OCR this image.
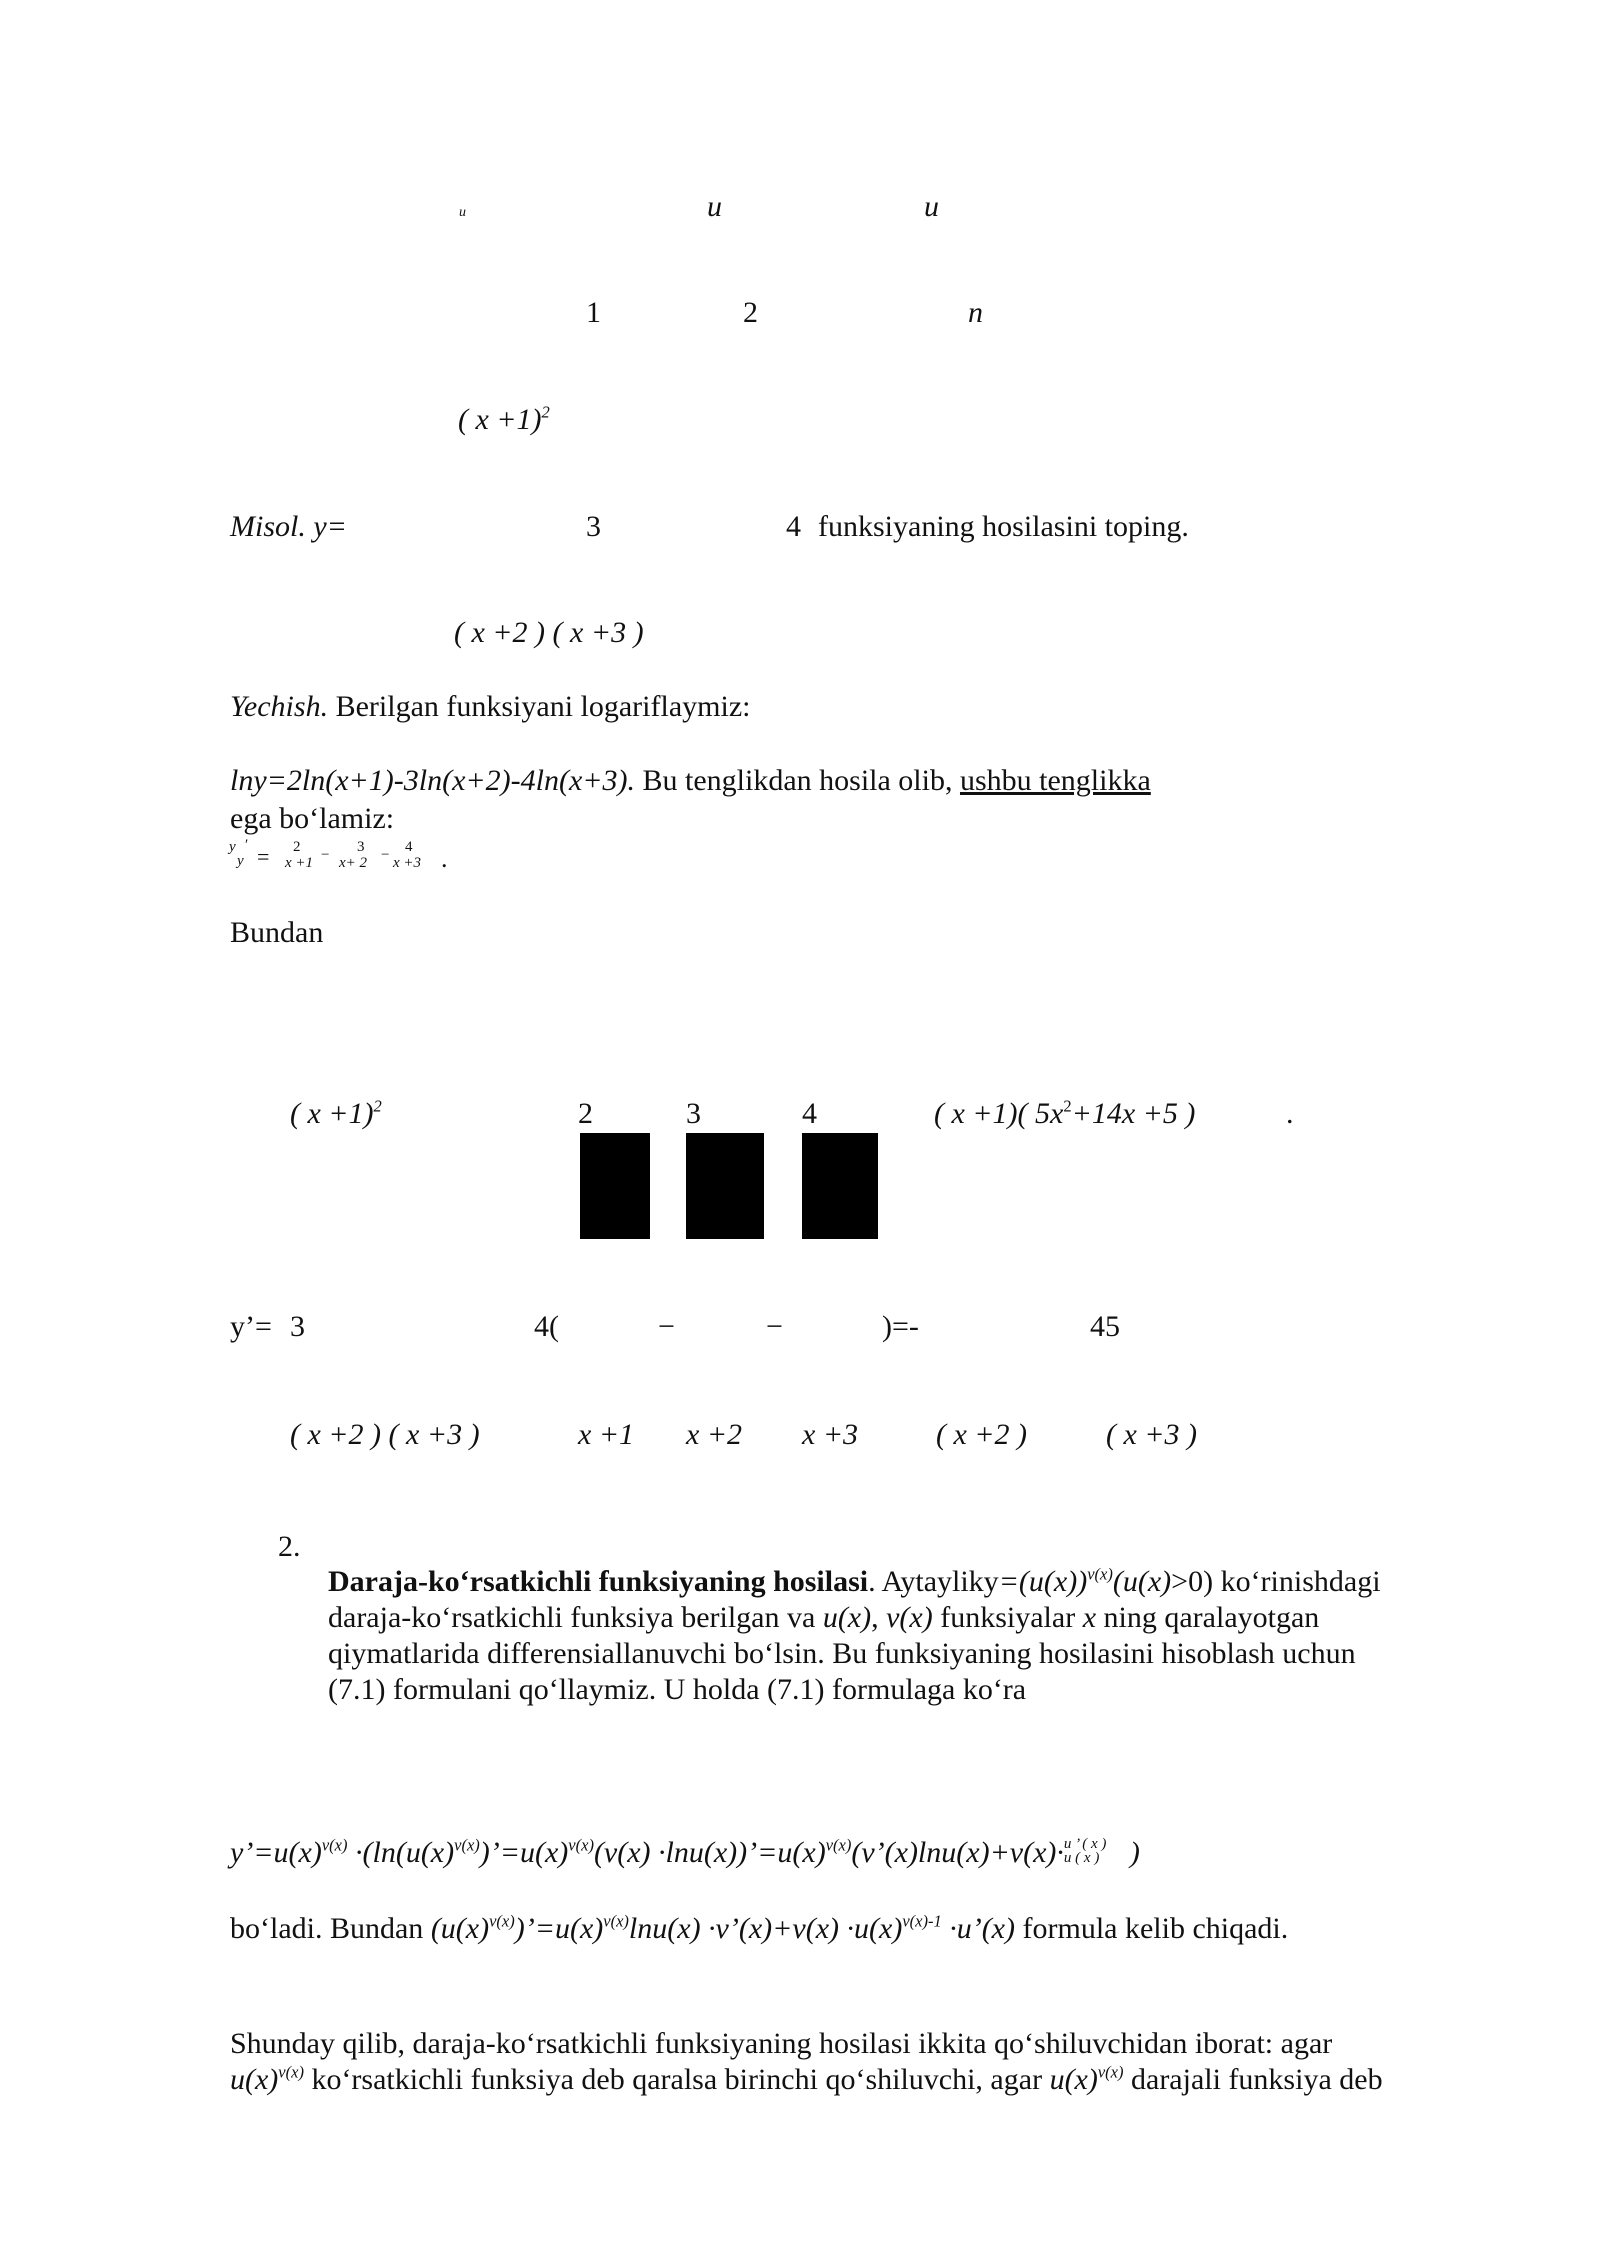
u	u	u
1	2	n
( x +1)$^2$
Misol. y=	3	4 funksiyaning hosilasini toping.
( x +2 ) ( x +3 )
Yechish. Berilgan funksiyani logariflaymiz:
lny=2ln(x+1)-3ln(x+2)-4ln(x+3). Bu tenglikdan hosila olib, ushbu tenglikka
ega bo‘lamiz:
y ′
y = 2
x +1 − 3
x+ 2 − 4
x +3 .
Bundan
( x +1)$^2$	2	3	4	( x +1)( $5x^2+14x +5$ )	.
y’= 3	4(	−	−	)=-	45
( x +2 ) ( x +3 )	x +1 x +2 x +3	( x +2 )	( x +3 )
2.
Daraja-ko‘rsatkichli funksiyaning hosilasi. $Aytayliky=(u(x))^{v(x)}(u(x)>0)$ ko‘rinishdagi
daraja-ko‘rsatkichli funksiya berilgan va u(x), v(x) funksiyalar x ning qaralayotgan
qiymatlarida differensiallanuvchi bo‘lsin. Bu funksiyaning hosilasini hisoblash uchun
(7.1) formulani qo‘llaymiz. U holda (7.1) formulaga ko‘ra
$y’=u(x)^{v(x)}$ $\cdot(\ln(u(x)^{v(x)})’=u(x)^{v(x)}(v(x)$ $\cdot\ln u(x))’=u(x)^{v(x)}(v’(x)\ln u(x)+v(x)\cdot u$ ’ ( x )
u ( x ) )
bo‘ladi. Bundan $(u(x)^{v(x)})’=u(x)^{v(x)}\ln u(x)$ ·v’(x)+v(x) $\cdot u(x)^{v(x)-1}$ ·u’(x) formula kelib chiqadi.
Shunday qilib, daraja-ko‘rsatkichli funksiyaning hosilasi ikkita qo‘shiluvchidan iborat: agar
$u(x)^{v(x)}$ ko‘rsatkichli funksiya deb qaralsa birinchi qo‘shiluvchi, agar $u(x)^{v(x)}$ darajali funksiya deb
